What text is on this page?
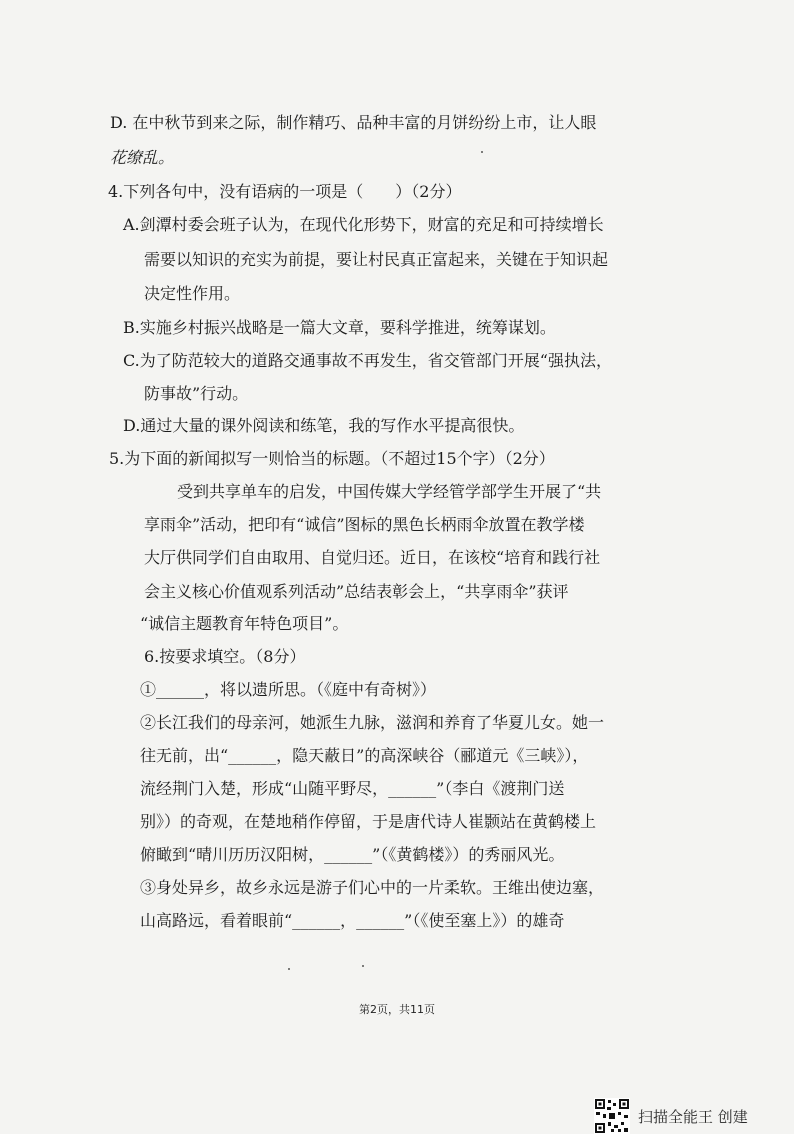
D. 在中秋节到来之际，制作精巧、品种丰富的月饼纷纷上市，让人眼
花缭乱。
4.下列各句中，没有语病的一项是（　　）（2分）
A.剑潭村委会班子认为，在现代化形势下，财富的充足和可持续增长
需要以知识的充实为前提，要让村民真正富起来，关键在于知识起
决定性作用。
B.实施乡村振兴战略是一篇大文章，要科学推进，统筹谋划。
C.为了防范较大的道路交通事故不再发生，省交管部门开展“强执法，
防事故”行动。
D.通过大量的课外阅读和练笔，我的写作水平提高很快。
5.为下面的新闻拟写一则恰当的标题。（不超过15个字）（2分）
受到共享单车的启发，中国传媒大学经管学部学生开展了“共
享雨伞”活动，把印有“诚信”图标的黑色长柄雨伞放置在教学楼
大厅供同学们自由取用、自觉归还。近日，在该校“培育和践行社
会主义核心价值观系列活动”总结表彰会上，“共享雨伞”获评
“诚信主题教育年特色项目”。
6.按要求填空。（8分）
①______，将以遗所思。（《庭中有奇树》）
②长江我们的母亲河，她派生九脉，滋润和养育了华夏儿女。她一
往无前，出“______，隐天蔽日”的高深峡谷（郦道元《三峡》），
流经荆门入楚，形成“山随平野尽，______”（李白《渡荆门送
别》）的奇观，在楚地稍作停留，于是唐代诗人崔颢站在黄鹤楼上
俯瞰到“晴川历历汉阳树，______”（《黄鹤楼》）的秀丽风光。
③身处异乡，故乡永远是游子们心中的一片柔软。王维出使边塞，
山高路远，看着眼前“______，______”（《使至塞上》）的雄奇
第2页，共11页
扫描全能王 创建
